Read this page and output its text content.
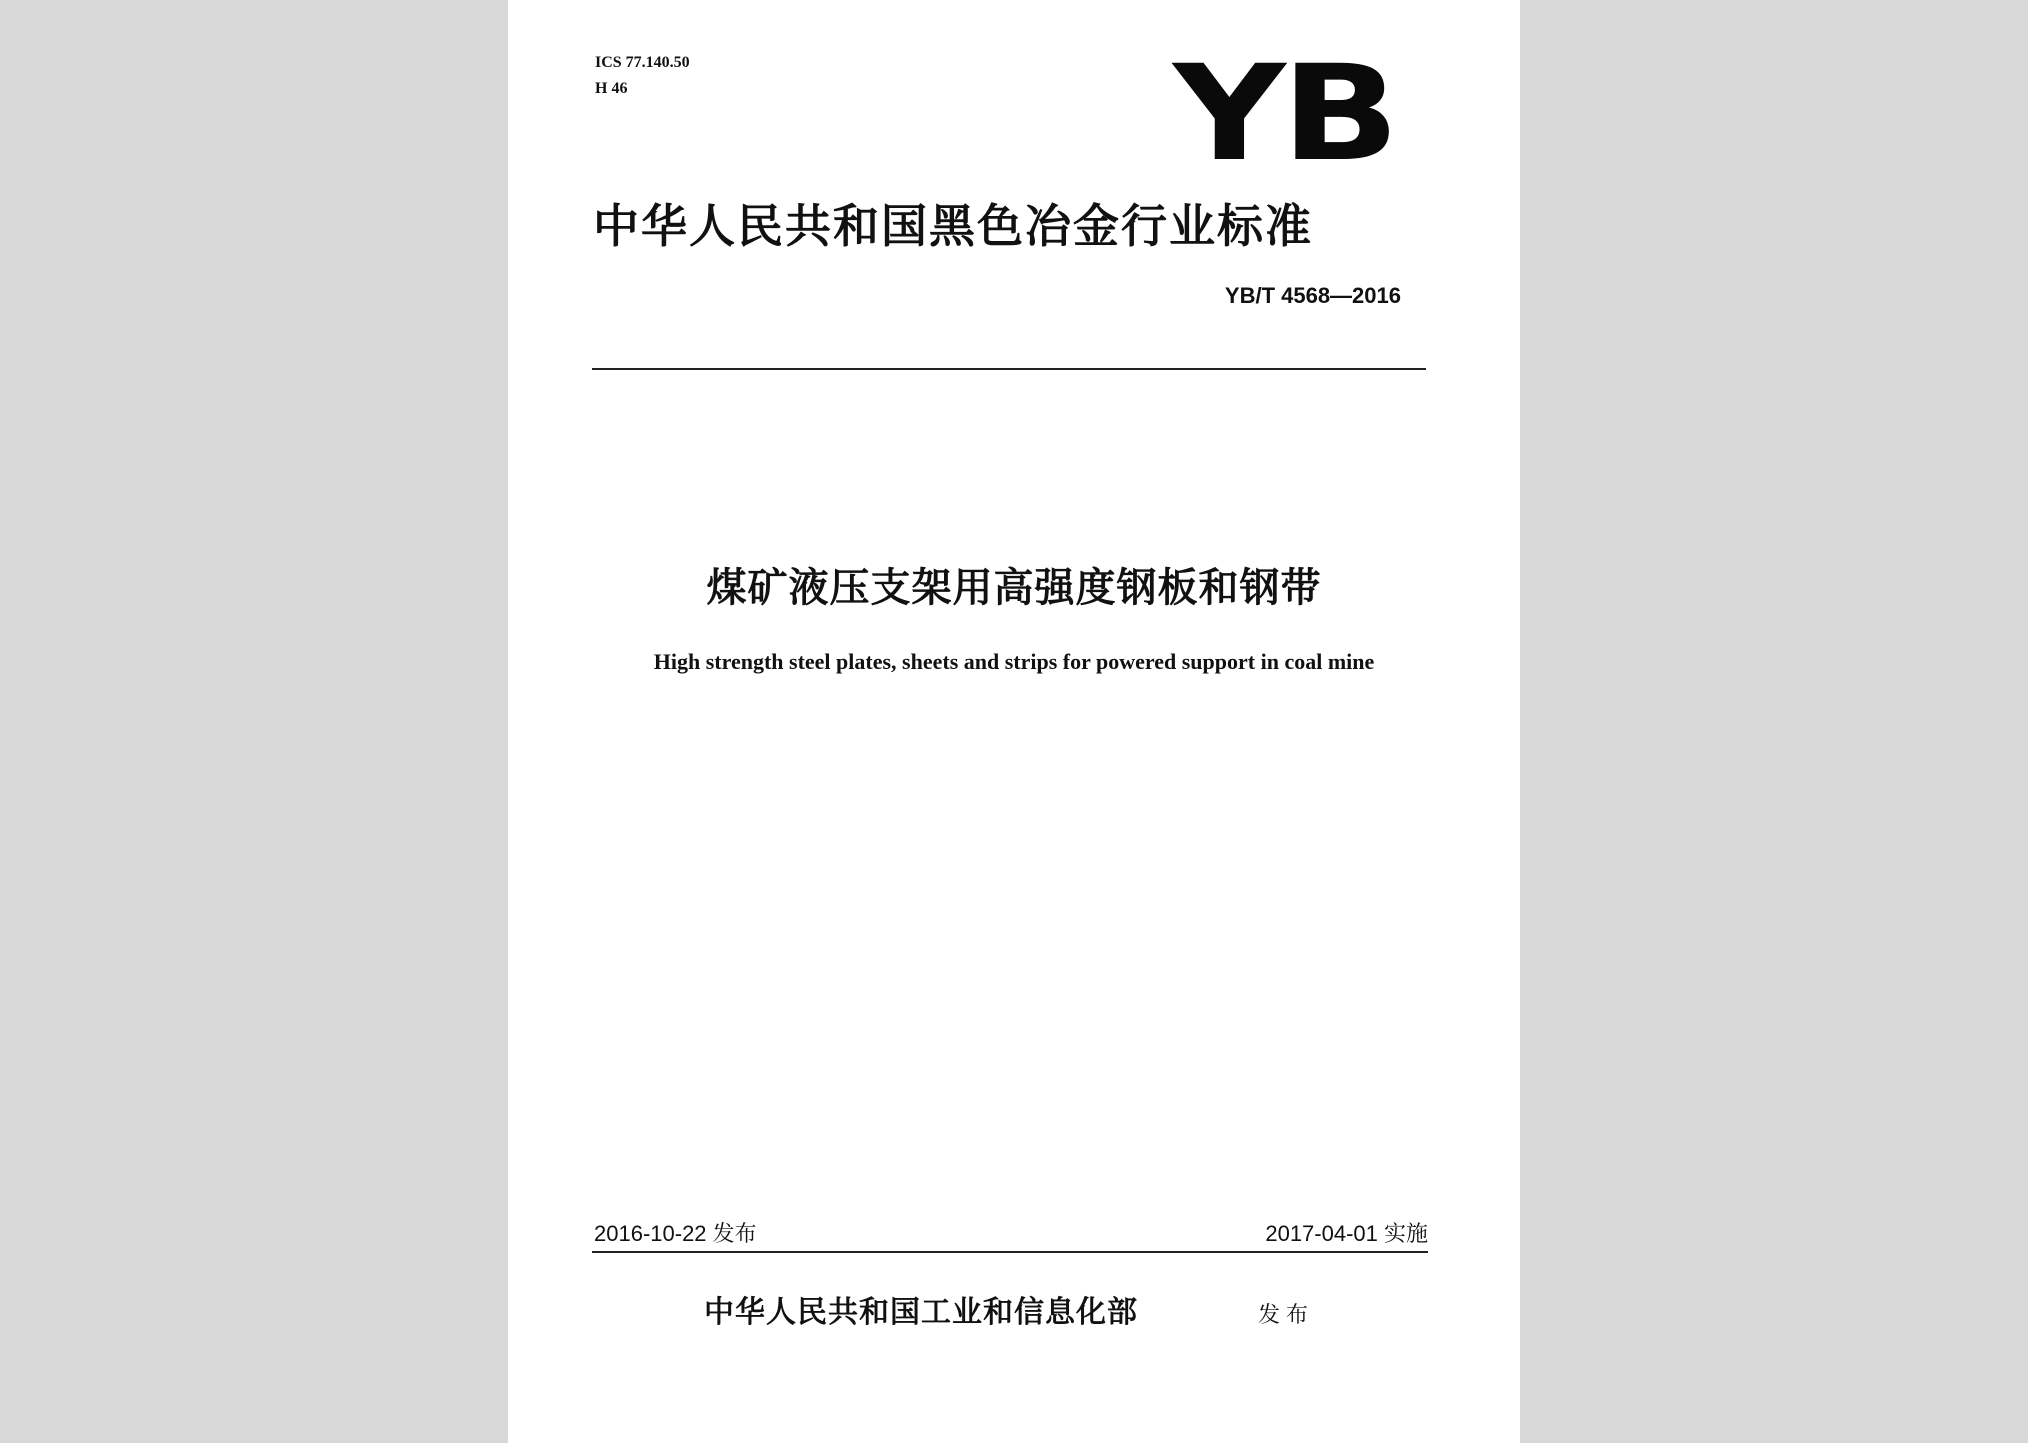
ICS 77.140.50
H 46	YB
中华人民共和国黑色冶金行业标准
YB/T 4568—2016
煤矿液压支架用高强度钢板和钢带
High strength steel plates, sheets and strips for powered support in coal mine
2016-10-22 发布	2017-04-01 实施
中华人民共和国工业和信息化部	发布
